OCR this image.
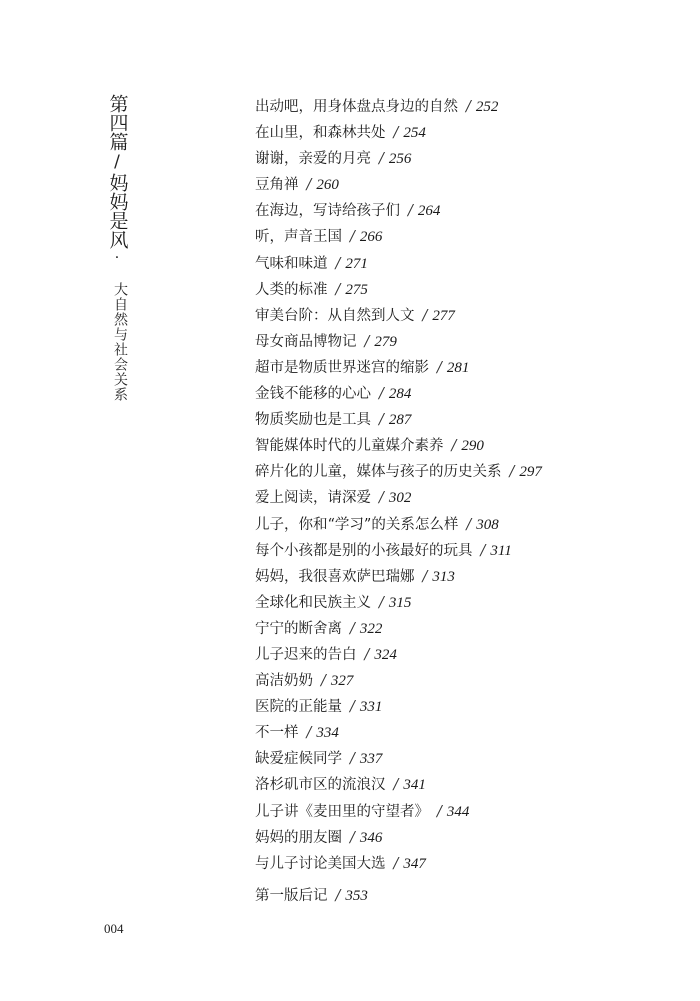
第四篇
/
妈妈是风
·
大自然与社会关系
出动吧，用身体盘点身边的自然 / 252
在山里，和森林共处 / 254
谢谢，亲爱的月亮 / 256
豆角禅 / 260
在海边，写诗给孩子们 / 264
听，声音王国 / 266
气味和味道 / 271
人类的标准 / 275
审美台阶：从自然到人文 / 277
母女商品博物记 / 279
超市是物质世界迷宫的缩影 / 281
金钱不能移的心心 / 284
物质奖励也是工具 / 287
智能媒体时代的儿童媒介素养 / 290
碎片化的儿童，媒体与孩子的历史关系 / 297
爱上阅读，请深爱 / 302
儿子，你和“学习”的关系怎么样 / 308
每个小孩都是别的小孩最好的玩具 / 311
妈妈，我很喜欢萨巴瑞娜 / 313
全球化和民族主义 / 315
宁宁的断舍离 / 322
儿子迟来的告白 / 324
高洁奶奶 / 327
医院的正能量 / 331
不一样 / 334
缺爱症候同学 / 337
洛杉矶市区的流浪汉 / 341
儿子讲《麦田里的守望者》 / 344
妈妈的朋友圈 / 346
与儿子讨论美国大选 / 347
第一版后记 / 353
004
